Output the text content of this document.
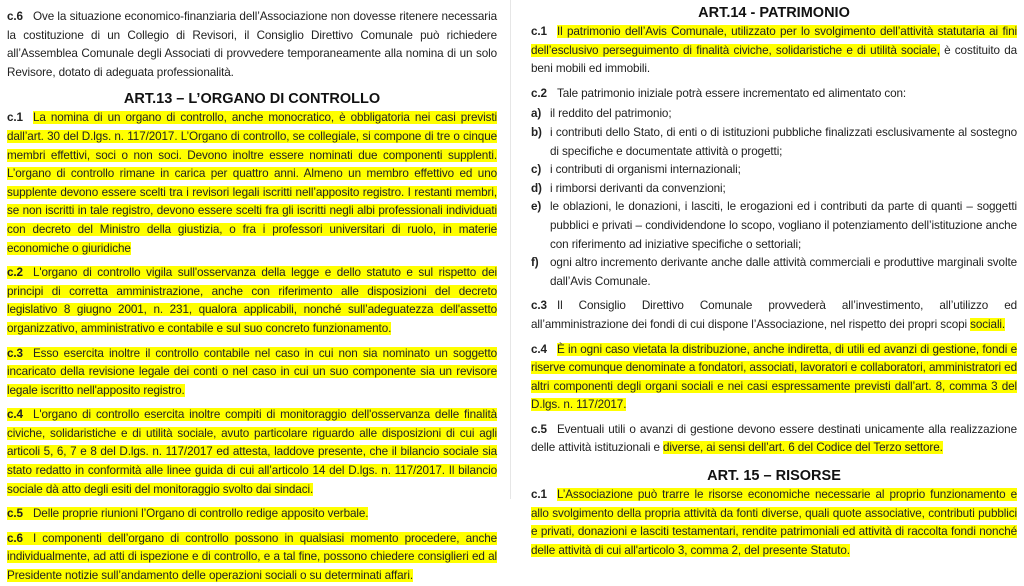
c.6 Ove la situazione economico-finanziaria dell’Associazione non dovesse ritenere necessaria la costituzione di un Collegio di Revisori, il Consiglio Direttivo Comunale può richiedere all’Assemblea Comunale degli Associati di provvedere temporaneamente alla nomina di un solo Revisore, dotato di adeguata professionalità.

ART.13 – L’ORGANO DI CONTROLLO

c.1 La nomina di un organo di controllo, anche monocratico, è obbligatoria nei casi previsti dall’art. 30 del D.lgs. n. 117/2017. L’Organo di controllo, se collegiale, si compone di tre o cinque membri effettivi, soci o non soci. Devono inoltre essere nominati due componenti supplenti. L’organo di controllo rimane in carica per quattro anni. Almeno un membro effettivo ed uno supplente devono essere scelti tra i revisori legali iscritti nell’apposito registro. I restanti membri, se non iscritti in tale registro, devono essere scelti fra gli iscritti negli albi professionali individuati con decreto del Ministro della giustizia, o fra i professori universitari di ruolo, in materie economiche o giuridiche

c.2 L'organo di controllo vigila sull'osservanza della legge e dello statuto e sul rispetto dei principi di corretta amministrazione, anche con riferimento alle disposizioni del decreto legislativo 8 giugno 2001, n. 231, qualora applicabili, nonché sull’adeguatezza dell'assetto organizzativo, amministrativo e contabile e sul suo concreto funzionamento.

c.3 Esso esercita inoltre il controllo contabile nel caso in cui non sia nominato un soggetto incaricato della revisione legale dei conti o nel caso in cui un suo componente sia un revisore legale iscritto nell'apposito registro.

c.4 L'organo di controllo esercita inoltre compiti di monitoraggio dell'osservanza delle finalità civiche, solidaristiche e di utilità sociale, avuto particolare riguardo alle disposizioni di cui agli articoli 5, 6, 7 e 8 del D.lgs. n. 117/2017 ed attesta, laddove presente, che il bilancio sociale sia stato redatto in conformità alle linee guida di cui all’articolo 14 del D.lgs. n. 117/2017. Il bilancio sociale dà atto degli esiti del monitoraggio svolto dai sindaci.

c.5 Delle proprie riunioni l’Organo di controllo redige apposito verbale.

c.6 I componenti dell’organo di controllo possono in qualsiasi momento procedere, anche individualmente, ad atti di ispezione e di controllo, e a tal fine, possono chiedere consiglieri ed al Presidente notizie sull’andamento delle operazioni sociali o su determinati affari.

ART.14 - PATRIMONIO

c.1 Il patrimonio dell’Avis Comunale, utilizzato per lo svolgimento dell’attività statutaria ai fini dell’esclusivo perseguimento di finalità civiche, solidaristiche e di utilità sociale, è costituito da beni mobili ed immobili.

c.2 Tale patrimonio iniziale potrà essere incrementato ed alimentato con:

a) il reddito del patrimonio;
b) i contributi dello Stato, di enti o di istituzioni pubbliche finalizzati esclusivamente al sostegno di specifiche e documentate attività o progetti;
c) i contributi di organismi internazionali;
d) i rimborsi derivanti da convenzioni;
e) le oblazioni, le donazioni, i lasciti, le erogazioni ed i contributi da parte di quanti – soggetti pubblici e privati – condividendone lo scopo, vogliano il potenziamento dell’istituzione anche con riferimento ad iniziative specifiche o settoriali;
f) ogni altro incremento derivante anche dalle attività commerciali e produttive marginali svolte dall’Avis Comunale.

c.3 Il Consiglio Direttivo Comunale provvederà all’investimento, all’utilizzo ed all’amministrazione dei fondi di cui dispone l’Associazione, nel rispetto dei propri scopi sociali.

c.4 È in ogni caso vietata la distribuzione, anche indiretta, di utili ed avanzi di gestione, fondi e riserve comunque denominate a fondatori, associati, lavoratori e collaboratori, amministratori ed altri componenti degli organi sociali e nei casi espressamente previsti dall’art. 8, comma 3 del D.lgs. n. 117/2017.

c.5 Eventuali utili o avanzi di gestione devono essere destinati unicamente alla realizzazione delle attività istituzionali e diverse, ai sensi dell’art. 6 del Codice del Terzo settore.

ART. 15 – RISORSE

c.1 L’Associazione può trarre le risorse economiche necessarie al proprio funzionamento e allo svolgimento della propria attività da fonti diverse, quali quote associative, contributi pubblici e privati, donazioni e lasciti testamentari, rendite patrimoniali ed attività di raccolta fondi nonché delle attività di cui all'articolo 3, comma 2, del presente Statuto.
